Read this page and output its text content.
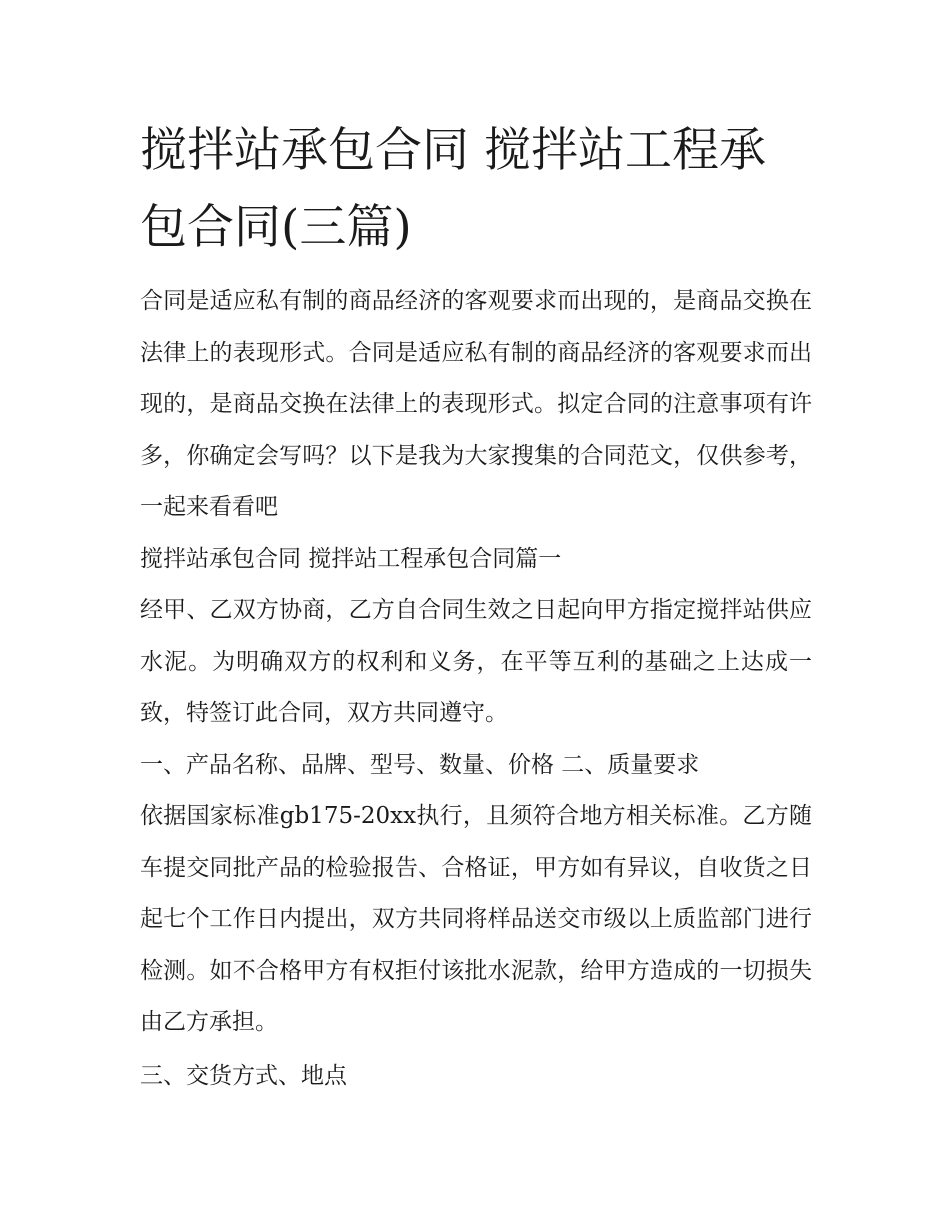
搅拌站承包合同 搅拌站工程承包合同(三篇)

合同是适应私有制的商品经济的客观要求而出现的，是商品交换在法律上的表现形式。合同是适应私有制的商品经济的客观要求而出现的，是商品交换在法律上的表现形式。拟定合同的注意事项有许多，你确定会写吗？以下是我为大家搜集的合同范文，仅供参考，一起来看看吧

搅拌站承包合同 搅拌站工程承包合同篇一

经甲、乙双方协商，乙方自合同生效之日起向甲方指定搅拌站供应水泥。为明确双方的权利和义务，在平等互利的基础之上达成一致，特签订此合同，双方共同遵守。

一、产品名称、品牌、型号、数量、价格 二、质量要求

依据国家标准gb175-20xx执行，且须符合地方相关标准。乙方随车提交同批产品的检验报告、合格证，甲方如有异议，自收货之日起七个工作日内提出，双方共同将样品送交市级以上质监部门进行检测。如不合格甲方有权拒付该批水泥款，给甲方造成的一切损失由乙方承担。

三、交货方式、地点
